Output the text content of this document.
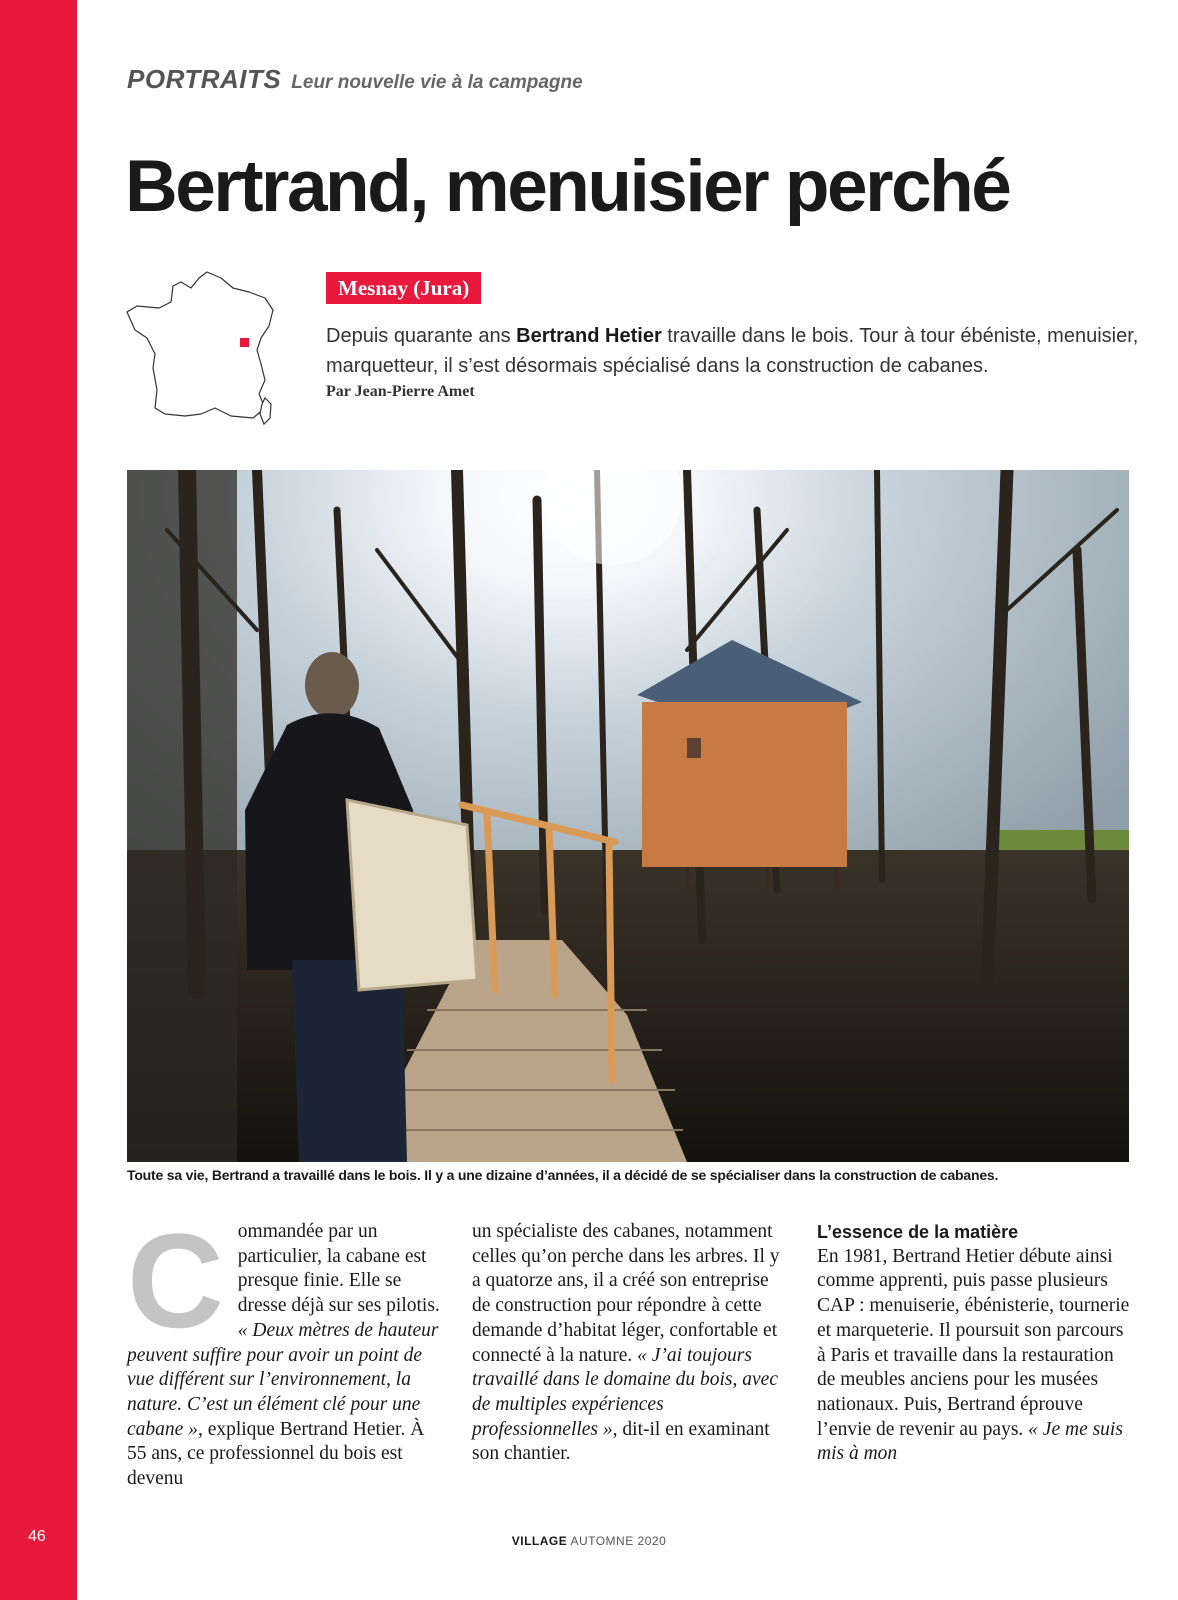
46
PORTRAITS Leur nouvelle vie à la campagne
Bertrand, menuisier perché
Mesnay (Jura)

Depuis quarante ans Bertrand Hetier travaille dans le bois. Tour à tour ébéniste, menuisier, marquetteur, il s’est désormais spécialisé dans la construction de cabanes.

Par Jean-Pierre Amet
Toute sa vie, Bertrand a travaillé dans le bois. Il y a une dizaine d’années, il a décidé de se spécialiser dans la construction de cabanes.
C ommandée par un particulier, la cabane est presque finie. Elle se dresse déjà sur ses pilotis. « Deux mètres de hauteur peuvent suffire pour avoir un point de vue différent sur l’environnement, la nature. C’est un élément clé pour une cabane », explique Bertrand Hetier. À 55 ans, ce professionnel du bois est devenu

un spécialiste des cabanes, notamment celles qu’on perche dans les arbres. Il y a quatorze ans, il a créé son entreprise de construction pour répondre à cette demande d’habitat léger, confortable et connecté à la nature. « J’ai toujours travaillé dans le domaine du bois, avec de multiples expériences professionnelles », dit-il en examinant son chantier.

L’essence de la matière

En 1981, Bertrand Hetier débute ainsi comme apprenti, puis passe plusieurs CAP : menuiserie, ébénisterie, tournerie et marqueterie. Il poursuit son parcours à Paris et travaille dans la restauration de meubles anciens pour les musées nationaux. Puis, Bertrand éprouve l’envie de revenir au pays. « Je me suis mis à mon

VILLAGE AUTOMNE 2020
